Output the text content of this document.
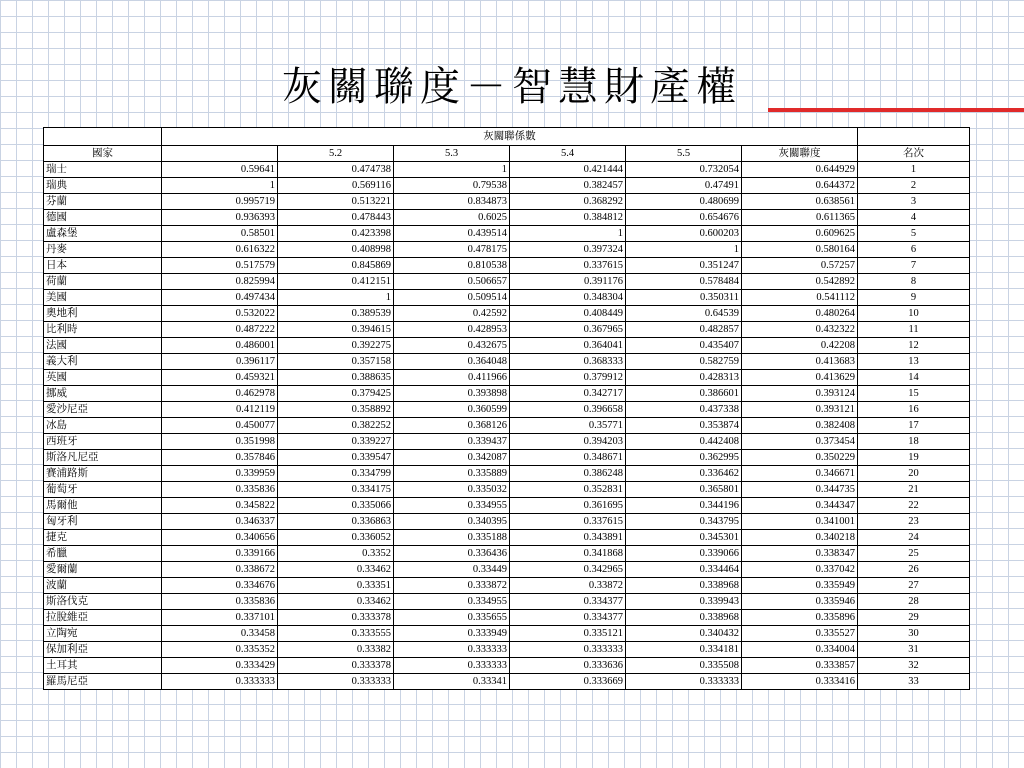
灰關聯度－智慧財產權
	灰關聯係數						
國家		5.2	5.3	5.4	5.5	灰關聯度	名次
瑞士	0.59641	0.474738	1	0.421444	0.732054	0.644929	1
瑞典	1	0.569116	0.79538	0.382457	0.47491	0.644372	2
芬蘭	0.995719	0.513221	0.834873	0.368292	0.480699	0.638561	3
德國	0.936393	0.478443	0.6025	0.384812	0.654676	0.611365	4
盧森堡	0.58501	0.423398	0.439514	1	0.600203	0.609625	5
丹麥	0.616322	0.408998	0.478175	0.397324	1	0.580164	6
日本	0.517579	0.845869	0.810538	0.337615	0.351247	0.57257	7
荷蘭	0.825994	0.412151	0.506657	0.391176	0.578484	0.542892	8
美國	0.497434	1	0.509514	0.348304	0.350311	0.541112	9
奧地利	0.532022	0.389539	0.42592	0.408449	0.64539	0.480264	10
比利時	0.487222	0.394615	0.428953	0.367965	0.482857	0.432322	11
法國	0.486001	0.392275	0.432675	0.364041	0.435407	0.42208	12
義大利	0.396117	0.357158	0.364048	0.368333	0.582759	0.413683	13
英國	0.459321	0.388635	0.411966	0.379912	0.428313	0.413629	14
挪威	0.462978	0.379425	0.393898	0.342717	0.386601	0.393124	15
愛沙尼亞	0.412119	0.358892	0.360599	0.396658	0.437338	0.393121	16
冰島	0.450077	0.382252	0.368126	0.35771	0.353874	0.382408	17
西班牙	0.351998	0.339227	0.339437	0.394203	0.442408	0.373454	18
斯洛凡尼亞	0.357846	0.339547	0.342087	0.348671	0.362995	0.350229	19
賽浦路斯	0.339959	0.334799	0.335889	0.386248	0.336462	0.346671	20
葡萄牙	0.335836	0.334175	0.335032	0.352831	0.365801	0.344735	21
馬爾他	0.345822	0.335066	0.334955	0.361695	0.344196	0.344347	22
匈牙利	0.346337	0.336863	0.340395	0.337615	0.343795	0.341001	23
捷克	0.340656	0.336052	0.335188	0.343891	0.345301	0.340218	24
希臘	0.339166	0.3352	0.336436	0.341868	0.339066	0.338347	25
愛爾蘭	0.338672	0.33462	0.33449	0.342965	0.334464	0.337042	26
波蘭	0.334676	0.33351	0.333872	0.33872	0.338968	0.335949	27
斯洛伐克	0.335836	0.33462	0.334955	0.334377	0.339943	0.335946	28
拉脫維亞	0.337101	0.333378	0.335655	0.334377	0.338968	0.335896	29
立陶宛	0.33458	0.333555	0.333949	0.335121	0.340432	0.335527	30
保加利亞	0.335352	0.33382	0.333333	0.333333	0.334181	0.334004	31
土耳其	0.333429	0.333378	0.333333	0.333636	0.335508	0.333857	32
羅馬尼亞	0.333333	0.333333	0.33341	0.333669	0.333333	0.333416	33
